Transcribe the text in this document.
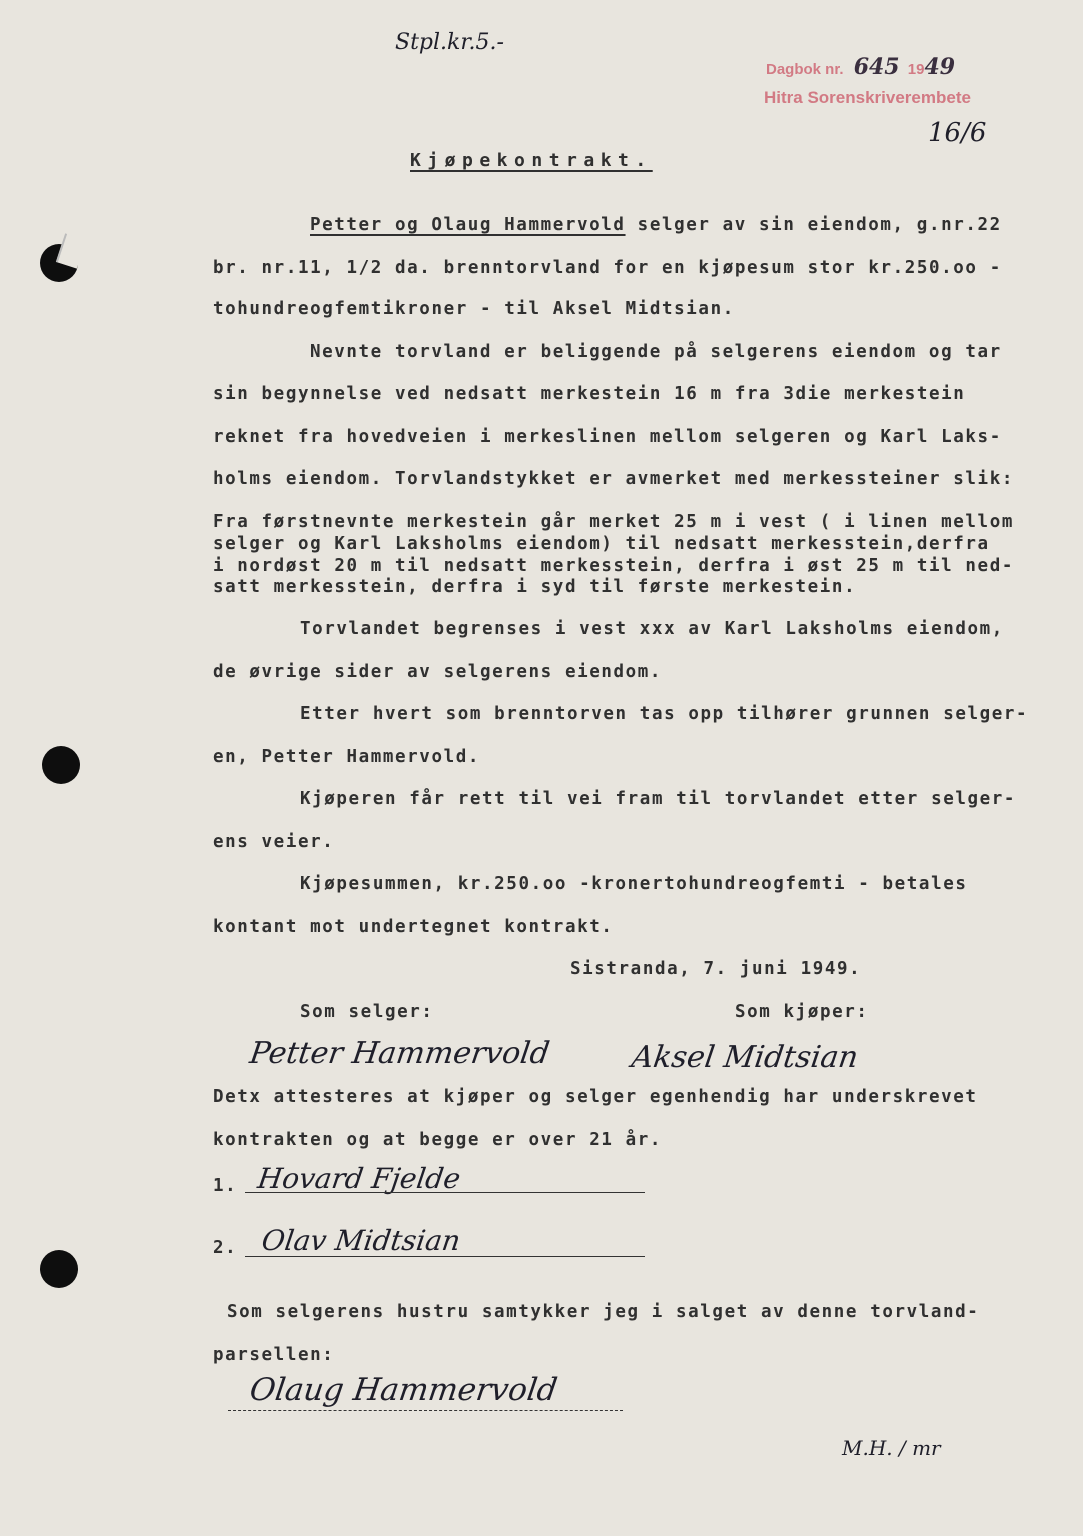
Stpl.kr.5.-
Dagbok nr. 645 1949
Hitra Sorenskriverembete
16/6
Kjøpekontrakt.
Petter og Olaug Hammervold selger av sin eiendom, g.nr.22
br. nr.11, 1/2 da. brenntorvland for en kjøpesum stor kr.250.oo -
tohundreogfemtikroner - til Aksel Midtsian.
Nevnte torvland er beliggende på selgerens eiendom og tar
sin begynnelse ved nedsatt merkestein 16 m fra 3die merkestein
reknet fra hovedveien i merkeslinen mellom selgeren og Karl Laks-
holms eiendom. Torvlandstykket er avmerket med merkessteiner slik:
Fra førstnevnte merkestein går merket 25 m i vest ( i linen mellom
selger og Karl Laksholms eiendom) til nedsatt merkesstein,derfra
i nordøst 20 m til nedsatt merkesstein, derfra i øst 25 m til ned-
satt merkesstein, derfra i syd til første merkestein.
Torvlandet begrenses i vest xxx av Karl Laksholms eiendom,
de øvrige sider av selgerens eiendom.
Etter hvert som brenntorven tas opp tilhører grunnen selger-
en, Petter Hammervold.
Kjøperen får rett til vei fram til torvlandet etter selger-
ens veier.
Kjøpesummen, kr.250.oo -kronertohundreogfemti - betales
kontant mot undertegnet kontrakt.
Sistranda, 7. juni 1949.
Som selger:	Som kjøper:
Petter Hammervold	Aksel Midtsian
Detx attesteres at kjøper og selger egenhendig har underskrevet
kontrakten og at begge er over 21 år.
1. Hovard Fjelde
2. Olav Midtsian
Som selgerens hustru samtykker jeg i salget av denne torvland-
parsellen:
Olaug Hammervold
M.H. / mr
